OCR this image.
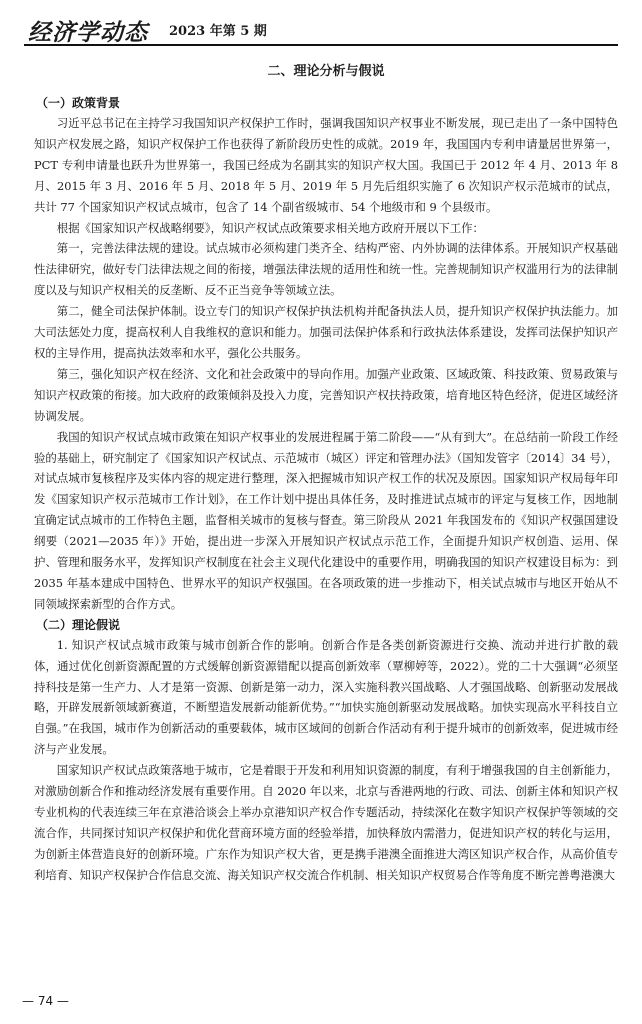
经济学动态 2023 年第 5 期
二、理论分析与假说

（一）政策背景

习近平总书记在主持学习我国知识产权保护工作时，强调我国知识产权事业不断发展，现已走出了一条中国特色知识产权发展之路，知识产权保护工作也获得了新阶段历史性的成就。2019 年，我国国内专利申请量居世界第一，PCT 专利申请量也跃升为世界第一，我国已经成为名副其实的知识产权大国。我国已于 2012 年 4 月、2013 年 8 月、2015 年 3 月、2016 年 5 月、2018 年 5 月、2019 年 5 月先后组织实施了 6 次知识产权示范城市的试点，共计 77 个国家知识产权试点城市，包含了 14 个副省级城市、54 个地级市和 9 个县级市。

根据《国家知识产权战略纲要》，知识产权试点政策要求相关地方政府开展以下工作：

第一，完善法律法规的建设。试点城市必须构建门类齐全、结构严密、内外协调的法律体系。开展知识产权基础性法律研究，做好专门法律法规之间的衔接，增强法律法规的适用性和统一性。完善规制知识产权滥用行为的法律制度以及与知识产权相关的反垄断、反不正当竞争等领域立法。

第二，健全司法保护体制。设立专门的知识产权保护执法机构并配备执法人员，提升知识产权保护执法能力。加大司法惩处力度，提高权利人自我维权的意识和能力。加强司法保护体系和行政执法体系建设，发挥司法保护知识产权的主导作用，提高执法效率和水平，强化公共服务。

第三，强化知识产权在经济、文化和社会政策中的导向作用。加强产业政策、区域政策、科技政策、贸易政策与知识产权政策的衔接。加大政府的政策倾斜及投入力度，完善知识产权扶持政策，培育地区特色经济，促进区域经济协调发展。

我国的知识产权试点城市政策在知识产权事业的发展进程属于第二阶段——“从有到大”。在总结前一阶段工作经验的基础上，研究制定了《国家知识产权试点、示范城市（城区）评定和管理办法》（国知发管字〔2014〕34 号），对试点城市复核程序及实体内容的规定进行整理，深入把握城市知识产权工作的状况及原因。国家知识产权局每年印发《国家知识产权示范城市工作计划》，在工作计划中提出具体任务，及时推进试点城市的评定与复核工作，因地制宜确定试点城市的工作特色主题，监督相关城市的复核与督查。第三阶段从 2021 年我国发布的《知识产权强国建设纲要（2021—2035 年）》开始，提出进一步深入开展知识产权试点示范工作，全面提升知识产权创造、运用、保护、管理和服务水平，发挥知识产权制度在社会主义现代化建设中的重要作用，明确我国的知识产权建设目标为：到 2035 年基本建成中国特色、世界水平的知识产权强国。在各项政策的进一步推动下，相关试点城市与地区开始从不同领域探索新型的合作方式。

（二）理论假说

1. 知识产权试点城市政策与城市创新合作的影响。创新合作是各类创新资源进行交换、流动并进行扩散的载体，通过优化创新资源配置的方式缓解创新资源错配以提高创新效率（覃柳婷等，2022）。党的二十大强调“必须坚持科技是第一生产力、人才是第一资源、创新是第一动力，深入实施科教兴国战略、人才强国战略、创新驱动发展战略，开辟发展新领域新赛道，不断塑造发展新动能新优势。”“加快实施创新驱动发展战略。加快实现高水平科技自立自强。”在我国，城市作为创新活动的重要载体，城市区域间的创新合作活动有利于提升城市的创新效率，促进城市经济与产业发展。

国家知识产权试点政策落地于城市，它是着眼于开发和利用知识资源的制度，有利于增强我国的自主创新能力，对激励创新合作和推动经济发展有重要作用。自 2020 年以来，北京与香港两地的行政、司法、创新主体和知识产权专业机构的代表连续三年在京港洽谈会上举办京港知识产权合作专题活动，持续深化在数字知识产权保护等领域的交流合作，共同探讨知识产权保护和优化营商环境方面的经验举措，加快释放内需潜力，促进知识产权的转化与运用，为创新主体营造良好的创新环境。广东作为知识产权大省，更是携手港澳全面推进大湾区知识产权合作，从高价值专利培育、知识产权保护合作信息交流、海关知识产权交流合作机制、相关知识产权贸易合作等角度不断完善粤港澳大

— 74 —
